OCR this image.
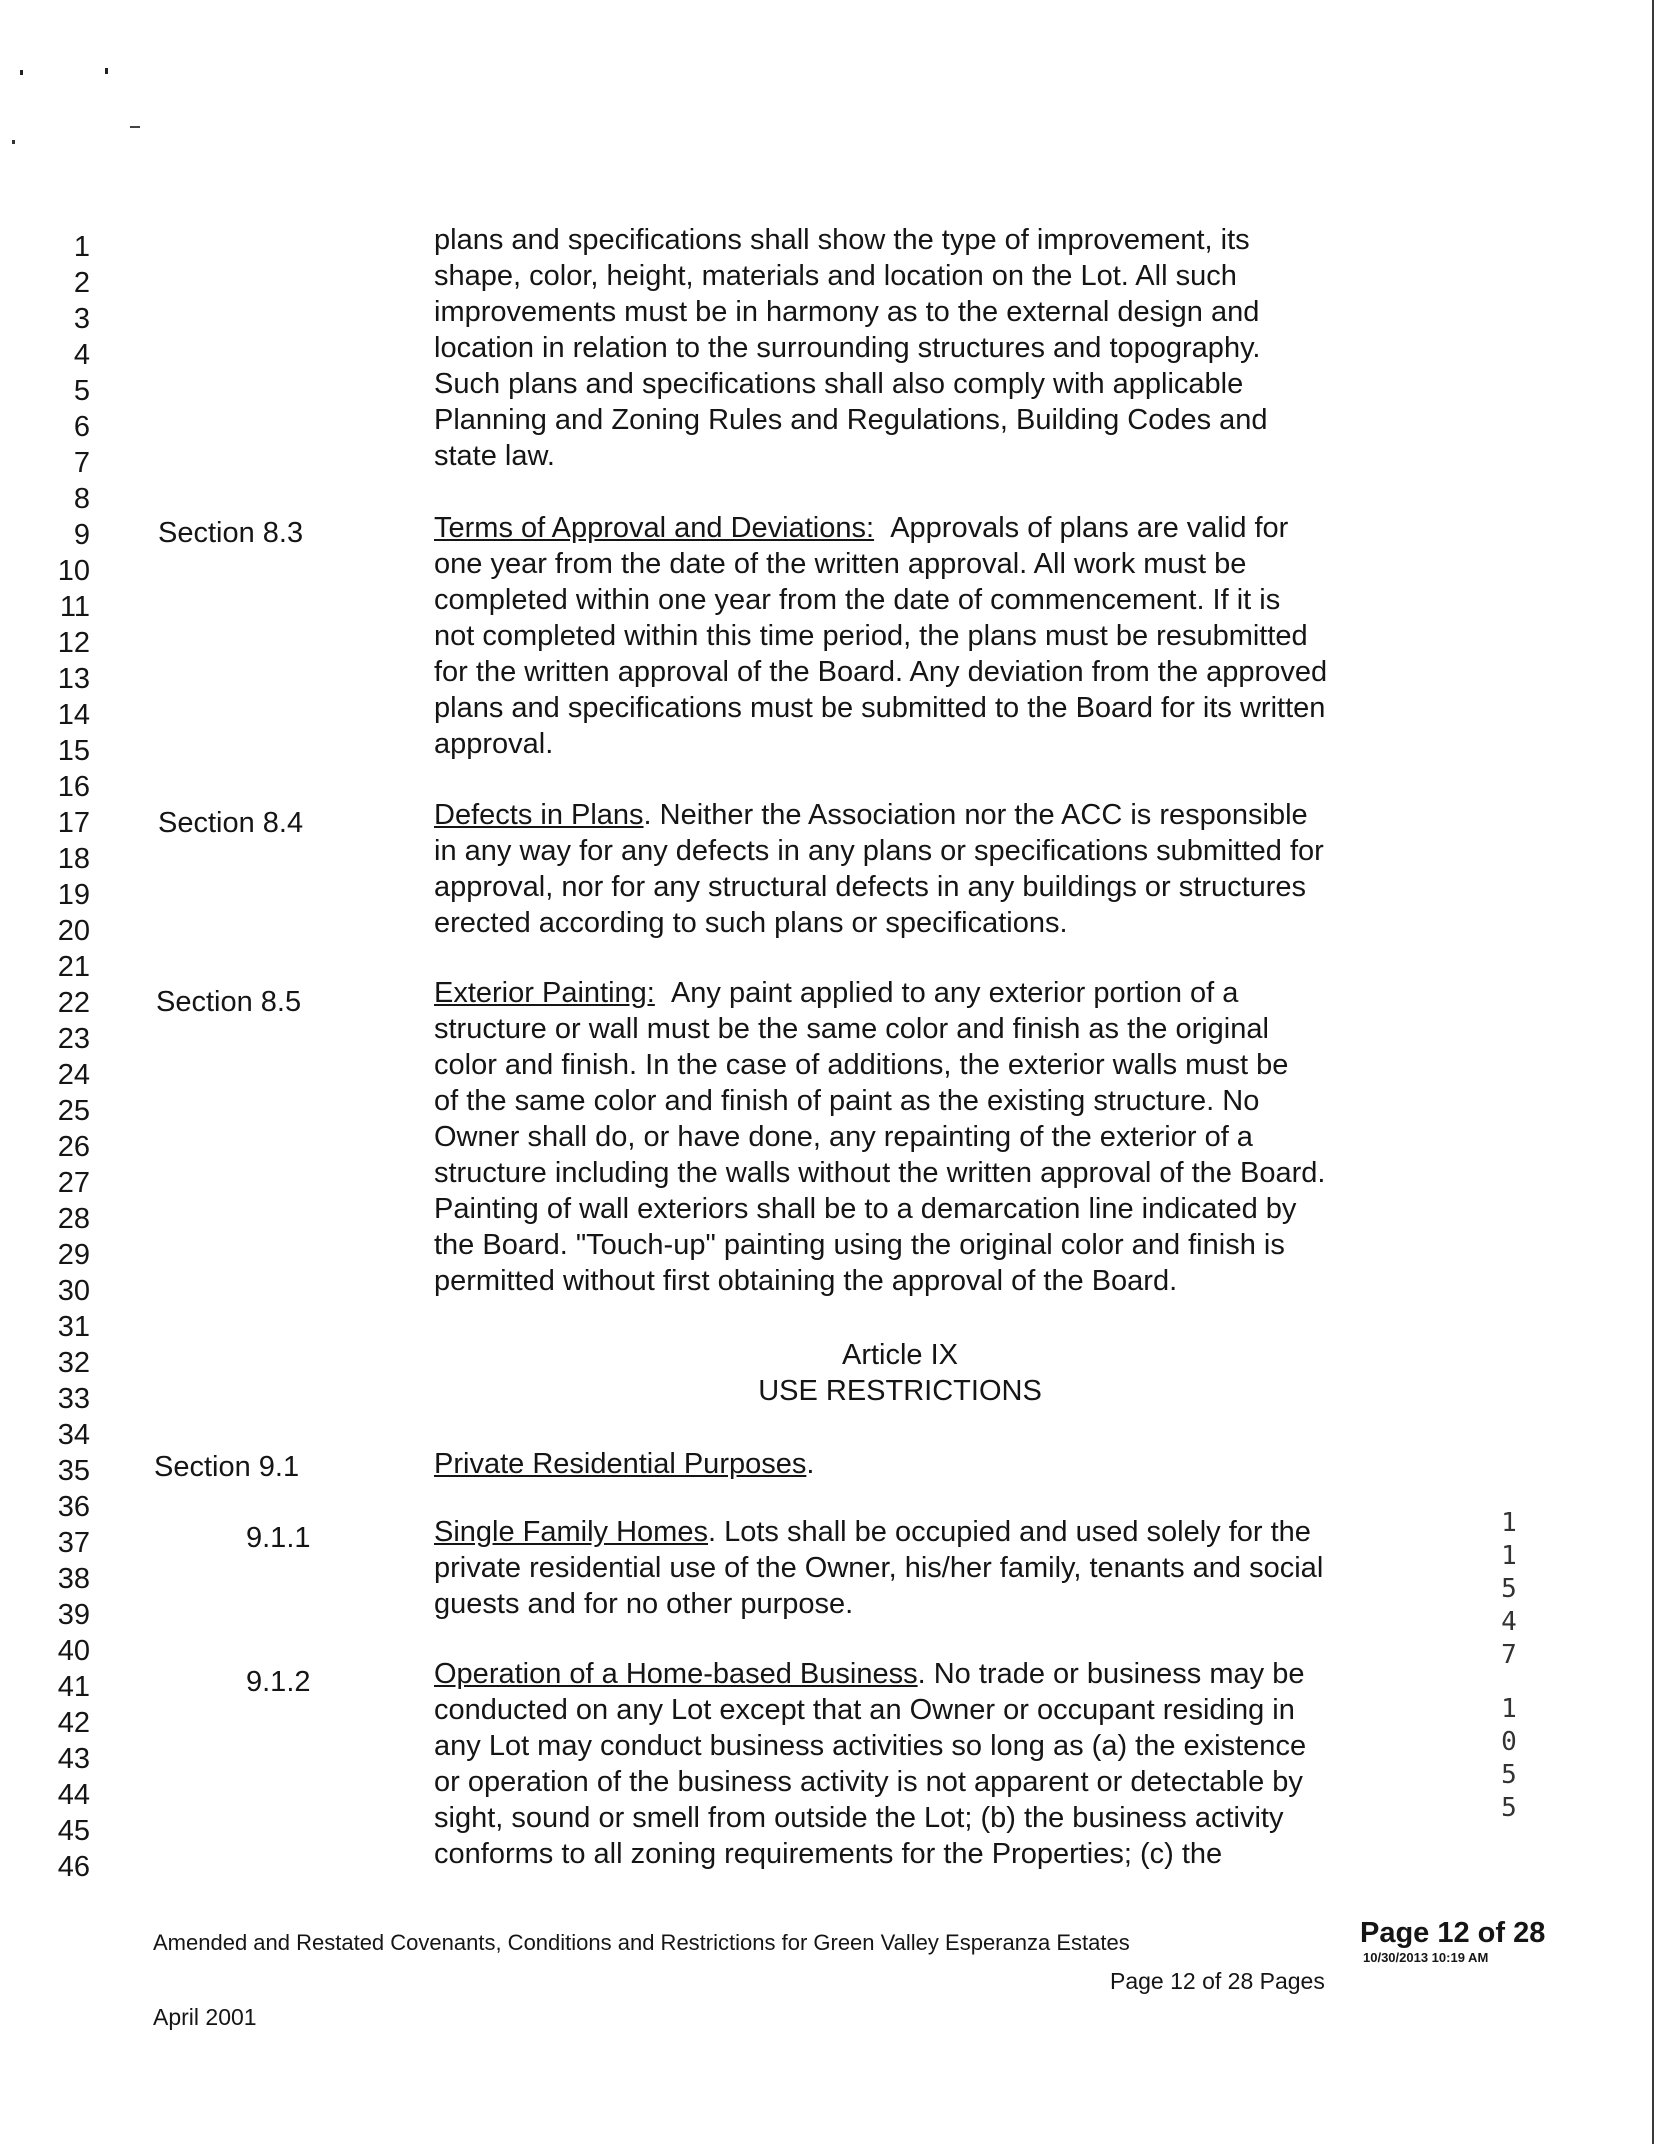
1
2
3
4
5
6
7
8
9
10
11
12
13
14
15
16
17
18
19
20
21
22
23
24
25
26
27
28
29
30
31
32
33
34
35
36
37
38
39
40
41
42
43
44
45
46

plans and specifications shall show the type of improvement, its

shape, color, height, materials and location on the Lot. All such

improvements must be in harmony as to the external design and

location in relation to the surrounding structures and topography.

Such plans and specifications shall also comply with applicable

Planning and Zoning Rules and Regulations, Building Codes and

state law.

Section 8.3	Terms of Approval and Deviations: Approvals of plans are valid for

one year from the date of the written approval. All work must be

completed within one year from the date of commencement. If it is

not completed within this time period, the plans must be resubmitted

for the written approval of the Board. Any deviation from the approved

plans and specifications must be submitted to the Board for its written

approval.

Section 8.4	Defects in Plans. Neither the Association nor the ACC is responsible

in any way for any defects in any plans or specifications submitted for

approval, nor for any structural defects in any buildings or structures

erected according to such plans or specifications.

Section 8.5	Exterior Painting: Any paint applied to any exterior portion of a

structure or wall must be the same color and finish as the original

color and finish. In the case of additions, the exterior walls must be

of the same color and finish of paint as the existing structure. No

Owner shall do, or have done, any repainting of the exterior of a

structure including the walls without the written approval of the Board.

Painting of wall exteriors shall be to a demarcation line indicated by

the Board. "Touch-up" painting using the original color and finish is

permitted without first obtaining the approval of the Board.

Article IX
USE RESTRICTIONS
Section 9.1	Private Residential Purposes.

9.1.1	Single Family Homes. Lots shall be occupied and used solely for the

private residential use of the Owner, his/her family, tenants and social

guests and for no other purpose.

9.1.2	Operation of a Home-based Business. No trade or business may be

conducted on any Lot except that an Owner or occupant residing in

any Lot may conduct business activities so long as (a) the existence

or operation of the business activity is not apparent or detectable by

sight, sound or smell from outside the Lot; (b) the business activity

conforms to all zoning requirements for the Properties; (c) the

1
1
5
4
7
1
0
5
5
Amended and Restated Covenants, Conditions and Restrictions for Green Valley Esperanza Estates	Page 12 of 28
10/30/2013 10:19 AM
Page 12 of 28 Pages
April 2001
